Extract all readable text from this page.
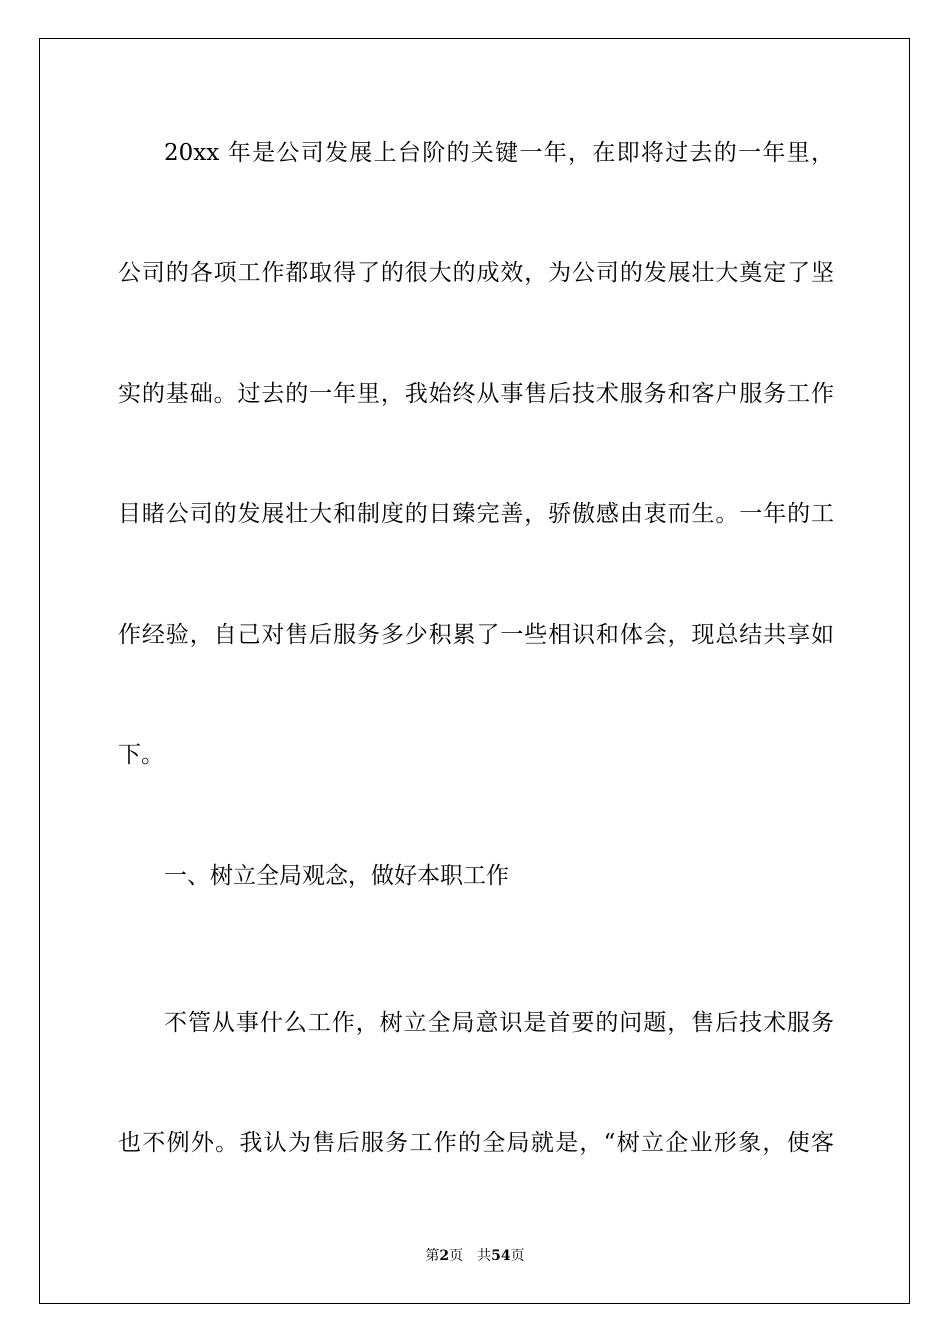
20xx 年是公司发展上台阶的关键一年，在即将过去的一年里，
公司的各项工作都取得了的很大的成效，为公司的发展壮大奠定了坚
实的基础。过去的一年里，我始终从事售后技术服务和客户服务工作
目睹公司的发展壮大和制度的日臻完善，骄傲感由衷而生。一年的工
作经验，自己对售后服务多少积累了一些相识和体会，现总结共享如
下。
一、树立全局观念，做好本职工作
不管从事什么工作，树立全局意识是首要的问题，售后技术服务
也不例外。我认为售后服务工作的全局就是，“树立企业形象，使客
第2页 共54页
